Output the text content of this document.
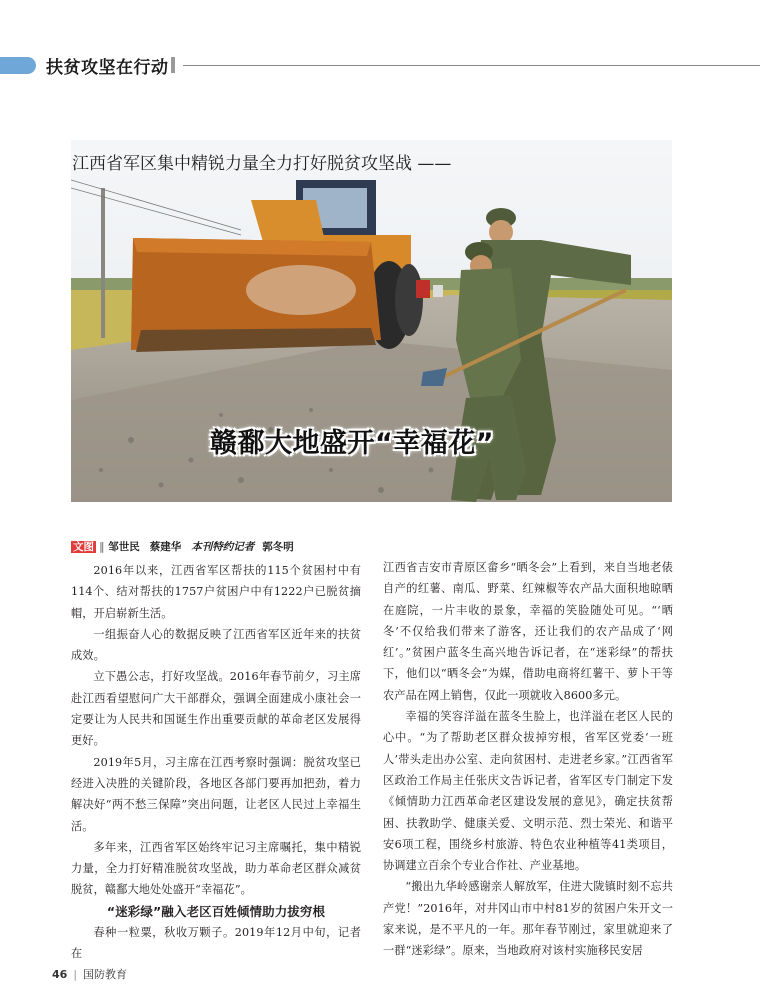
扶贫攻坚在行动
江西省军区集中精锐力量全力打好脱贫攻坚战 ——
赣鄱大地盛开“幸福花”
文图 ‖ 邹世民 蔡建华 本刊特约记者 郭冬明

2016年以来，江西省军区帮扶的115个贫困村中有114个、结对帮扶的1757户贫困户中有1222户已脱贫摘帽，开启崭新生活。

一组振奋人心的数据反映了江西省军区近年来的扶贫成效。

立下愚公志，打好攻坚战。2016年春节前夕，习主席赴江西看望慰问广大干部群众，强调全面建成小康社会一定要让为人民共和国诞生作出重要贡献的革命老区发展得更好。

2019年5月，习主席在江西考察时强调：脱贫攻坚已经进入决胜的关键阶段，各地区各部门要再加把劲，着力解决好“两不愁三保障”突出问题，让老区人民过上幸福生活。

多年来，江西省军区始终牢记习主席嘱托，集中精锐力量，全力打好精准脱贫攻坚战，助力革命老区群众减贫脱贫，赣鄱大地处处盛开“幸福花”。

“迷彩绿”融入老区百姓倾情助力拔穷根

春种一粒粟，秋收万颗子。2019年12月中旬，记者在

江西省吉安市青原区畲乡“晒冬会”上看到，来自当地老俵自产的红薯、南瓜、野菜、红辣椒等农产品大面积地晾晒在庭院，一片丰收的景象，幸福的笑脸随处可见。“‘晒冬’不仅给我们带来了游客，还让我们的农产品成了‘网红’。”贫困户蓝冬生高兴地告诉记者，在“迷彩绿”的帮扶下，他们以“晒冬会”为媒，借助电商将红薯干、萝卜干等农产品在网上销售，仅此一项就收入8600多元。

幸福的笑容洋溢在蓝冬生脸上，也洋溢在老区人民的心中。“为了帮助老区群众拔掉穷根，省军区党委‘一班人’带头走出办公室、走向贫困村、走进老乡家。”江西省军区政治工作局主任张庆文告诉记者，省军区专门制定下发《倾情助力江西革命老区建设发展的意见》，确定扶贫帮困、扶教助学、健康关爱、文明示范、烈士荣光、和谐平安6项工程，围绕乡村旅游、特色农业种植等41类项目，协调建立百余个专业合作社、产业基地。

“搬出九华岭感谢亲人解放军，住进大陇镇时刻不忘共产党！”2016年，对井冈山市中村81岁的贫困户朱开文一家来说，是不平凡的一年。那年春节刚过，家里就迎来了一群“迷彩绿”。原来，当地政府对该村实施移民安居

46 | 国防教育
